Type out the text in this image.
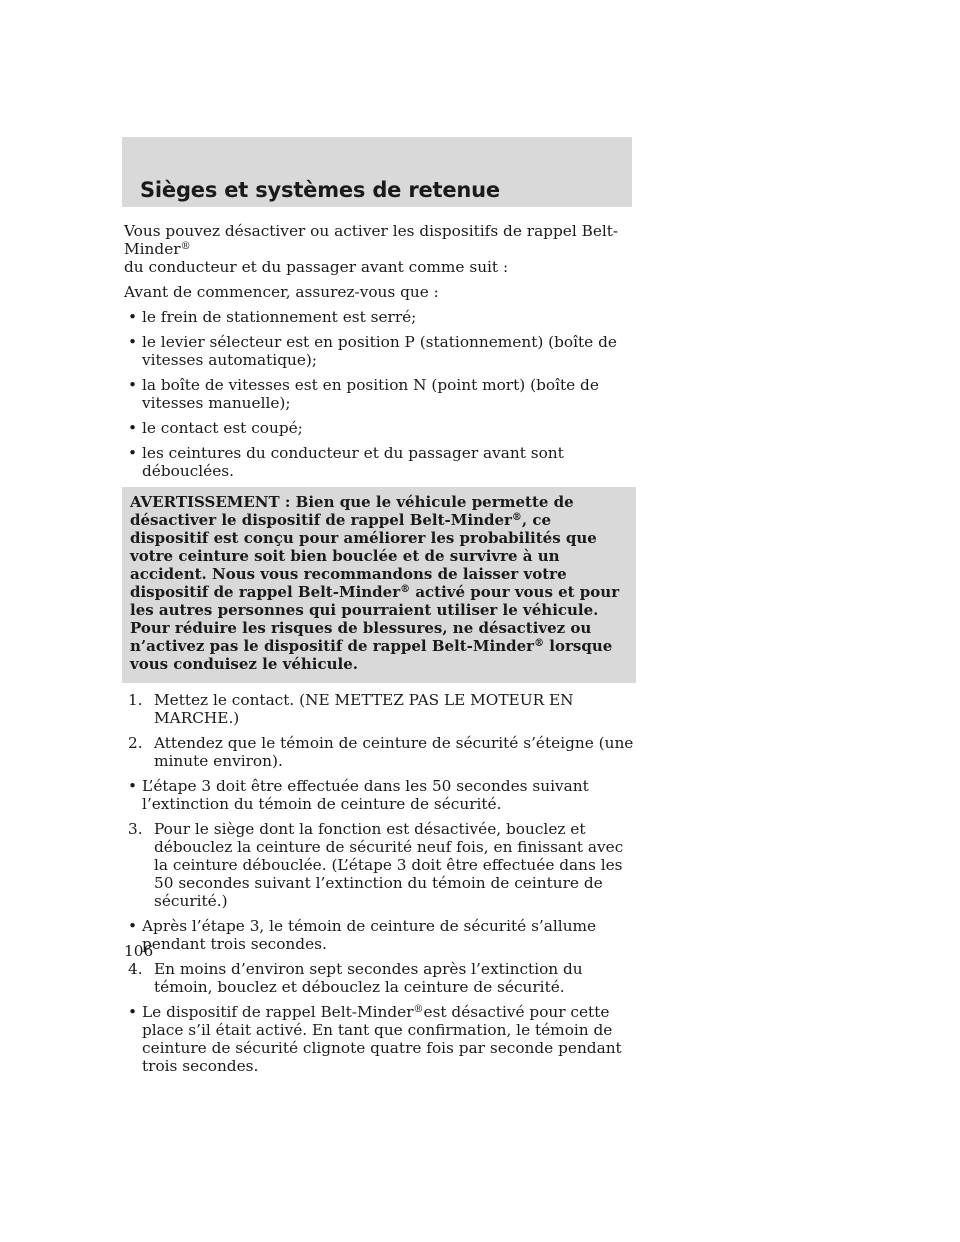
Sièges et systèmes de retenue

Vous pouvez désactiver ou activer les dispositifs de rappel Belt-Minder®
du conducteur et du passager avant comme suit :

Avant de commencer, assurez-vous que :

• le frein de stationnement est serré;
• le levier sélecteur est en position P (stationnement) (boîte de vitesses automatique);
• la boîte de vitesses est en position N (point mort) (boîte de vitesses manuelle);
• le contact est coupé;
• les ceintures du conducteur et du passager avant sont débouclées.
AVERTISSEMENT : Bien que le véhicule permette de désactiver le dispositif de rappel Belt-Minder®, ce dispositif est conçu pour améliorer les probabilités que votre ceinture soit bien bouclée et de survivre à un accident. Nous vous recommandons de laisser votre dispositif de rappel Belt-Minder® activé pour vous et pour les autres personnes qui pourraient utiliser le véhicule. Pour réduire les risques de blessures, ne désactivez ou n’activez pas le dispositif de rappel Belt-Minder® lorsque vous conduisez le véhicule.
1. Mettez le contact. (NE METTEZ PAS LE MOTEUR EN MARCHE.)
2. Attendez que le témoin de ceinture de sécurité s’éteigne (une minute environ).
• L’étape 3 doit être effectuée dans les 50 secondes suivant l’extinction du témoin de ceinture de sécurité.
3. Pour le siège dont la fonction est désactivée, bouclez et débouclez la ceinture de sécurité neuf fois, en finissant avec la ceinture débouclée. (L’étape 3 doit être effectuée dans les 50 secondes suivant l’extinction du témoin de ceinture de sécurité.)
• Après l’étape 3, le témoin de ceinture de sécurité s’allume pendant trois secondes.
4. En moins d’environ sept secondes après l’extinction du témoin, bouclez et débouclez la ceinture de sécurité.
• Le dispositif de rappel Belt-Minder®est désactivé pour cette place s’il était activé. En tant que confirmation, le témoin de ceinture de sécurité clignote quatre fois par seconde pendant trois secondes.
106
